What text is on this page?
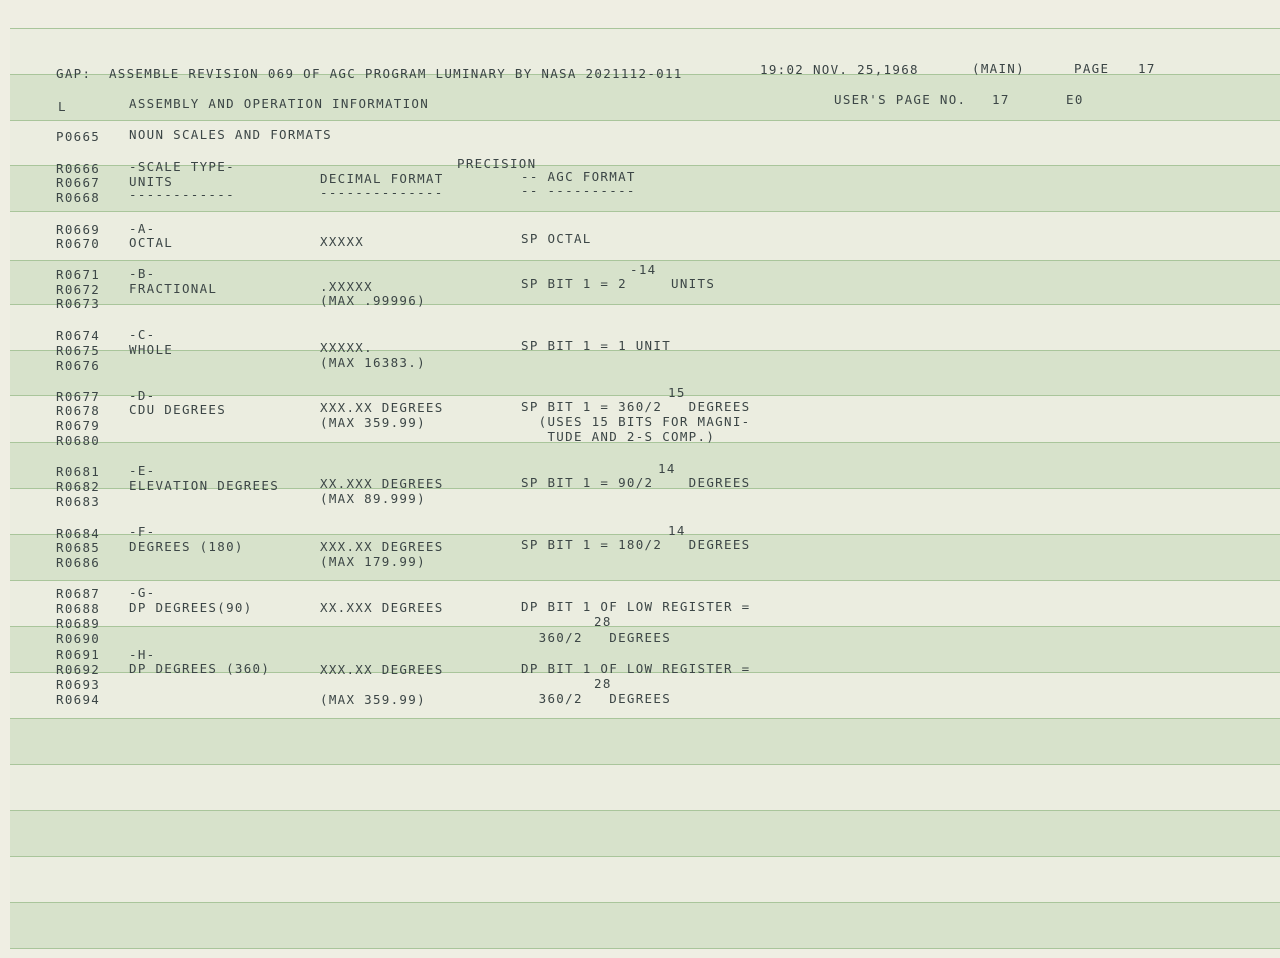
GAP:  ASSEMBLE REVISION 069 OF AGC PROGRAM LUMINARY BY NASA 2021112-011	19:02 NOV. 25,1968	(MAIN)	PAGE 17
L	ASSEMBLY AND OPERATION INFORMATION	USER'S PAGE NO. 17	E0
P0665 NOUN SCALES AND FORMATS
PRECISION
R0666 -SCALE TYPE-
R0667 UNITS	DECIMAL FORMAT	-- AGC FORMAT
R0668 ------------	--------------	-- ----------
R0669 -A-
R0670 OCTAL	XXXXX	SP OCTAL
-14
R0671 -B-
R0672 FRACTIONAL	.XXXXX	SP BIT 1 = 2     UNITS
R0673	(MAX .99996)
R0674 -C-
R0675 WHOLE	XXXXX.	SP BIT 1 = 1 UNIT
R0676	(MAX 16383.)
15
R0677 -D-
R0678 CDU DEGREES	XXX.XX DEGREES	SP BIT 1 = 360/2   DEGREES
R0679	(MAX 359.99)	(USES 15 BITS FOR MAGNI-
R0680	TUDE AND 2-S COMP.)
14
R0681 -E-
R0682 ELEVATION DEGREES	XX.XXX DEGREES	SP BIT 1 = 90/2    DEGREES
R0683	(MAX 89.999)
14
R0684 -F-
R0685 DEGREES (180)	XXX.XX DEGREES	SP BIT 1 = 180/2   DEGREES
R0686	(MAX 179.99)
R0687 -G-
R0688 DP DEGREES(90)	XX.XXX DEGREES	DP BIT 1 OF LOW REGISTER =
28
R0689
R0690	360/2   DEGREES
R0691 -H-
R0692 DP DEGREES (360)	XXX.XX DEGREES	DP BIT 1 OF LOW REGISTER =
28
R0693
R0694	(MAX 359.99)	360/2   DEGREES
